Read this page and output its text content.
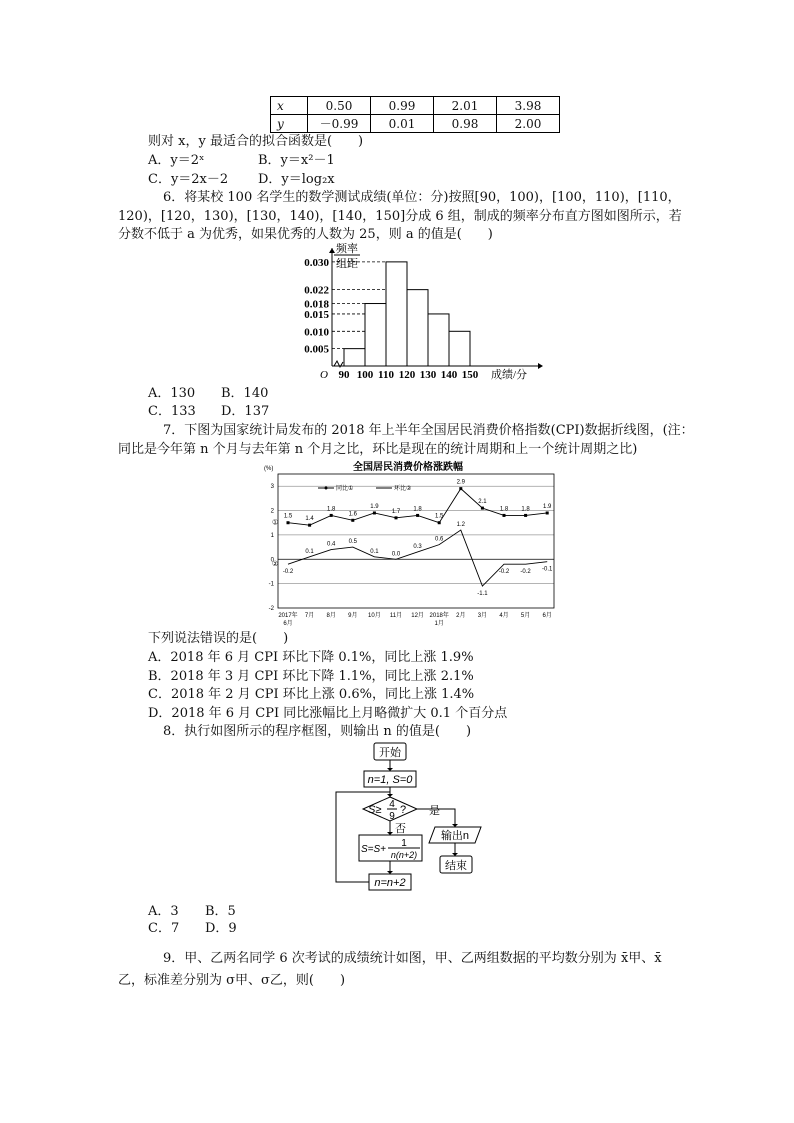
x	0.50	0.99	2.01	3.98
y	－0.99	0.01	0.98	2.00
则对 x，y 最适合的拟合函数是(　　)
A．y＝2ˣ	B．y＝x²－1
C．y＝2x－2 D．y＝log₂x
6．将某校 100 名学生的数学测试成绩(单位：分)按照[90，100)，[100，110)，[110，
120)，[120，130)，[130，140)，[140，150]分成 6 组，制成的频率分布直方图如图所示，若
分数不低于 a 为优秀，如果优秀的人数为 25，则 a 的值是(　　)
频率
组距
0.030
0.022
0.018
0.015
0.010
0.005
90 100 110 120 130 140 150
O	成绩/分
A．130 B．140
C．133 D．137
7．下图为国家统计局发布的 2018 年上半年全国居民消费价格指数(CPI)数据折线图，(注：
同比是今年第 n 个月与去年第 n 个月之比，环比是现在的统计周期和上一个统计周期之比)
全国居民消费价格涨跌幅
(%)
3
2
1
0
-1
-2
同比①	环比②
1.5 1.4
1.8
1.6
1.9
1.7 1.8
1.5
2.9
2.1
1.8 1.8 1.9
①
-0.2
0.1
0.4 0.5
0.1 0.0
0.3
0.6
1.2
-1.1
-0.2 -0.2 -0.1
②
2017年
6月
7月 8月 9月 10月 11月 12月 2018年
1月
2月 3月 4月 5月 6月
下列说法错误的是(　　)
A．2018 年 6 月 CPI 环比下降 0.1%，同比上涨 1.9%
B．2018 年 3 月 CPI 环比下降 1.1%，同比上涨 2.1%
C．2018 年 2 月 CPI 环比上涨 0.6%，同比上涨 1.4%
D．2018 年 6 月 CPI 同比涨幅比上月略微扩大 0.1 个百分点
8．执行如图所示的程序框图，则输出 n 的值是(　　)
开始
n=1, S=0
S≥ 4
9
? 是
否
S=S+
1
n(n+2)
n=n+2
输出n
结束
A．3 B．5
C．7 D．9
9．甲、乙两名同学 6 次考试的成绩统计如图，甲、乙两组数据的平均数分别为 x̄甲、x̄
乙，标准差分别为 σ甲、σ乙，则(　　)
